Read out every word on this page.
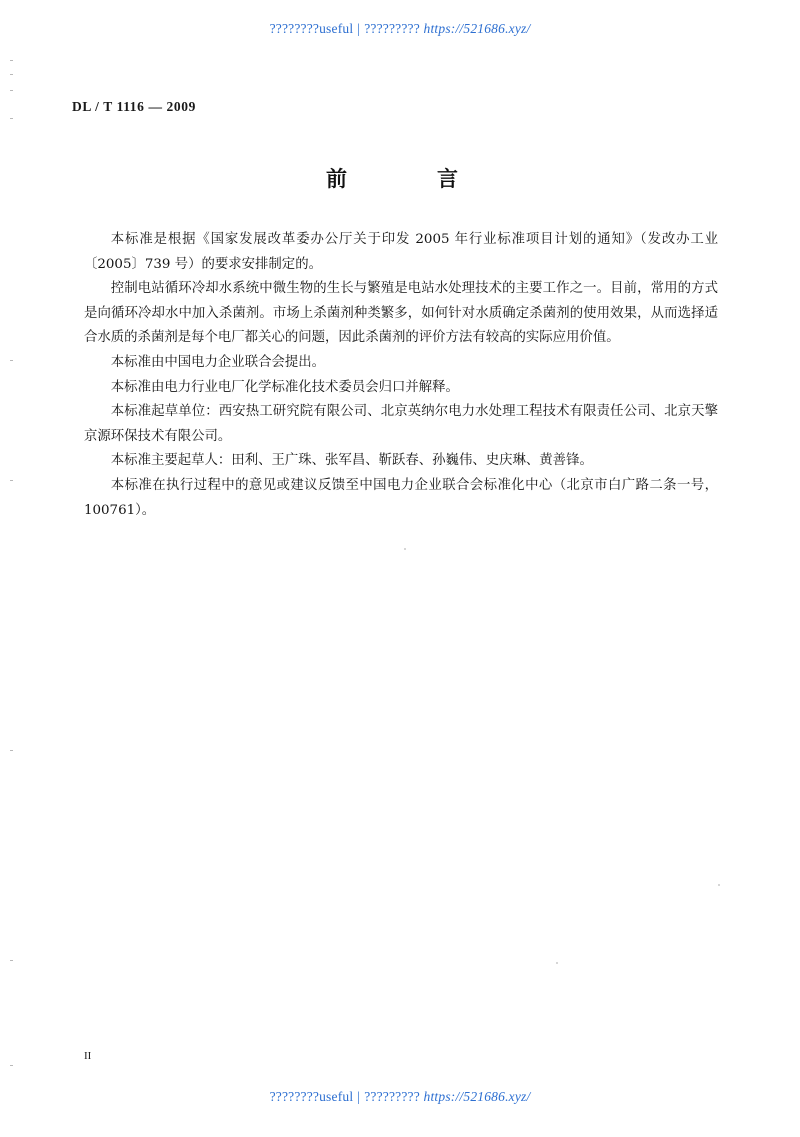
????????useful | ????????? https://521686.xyz/
DL / T 1116 — 2009
前　　言

本标准是根据《国家发展改革委办公厅关于印发 2005 年行业标准项目计划的通知》（发改办工业〔2005〕739 号）的要求安排制定的。

控制电站循环冷却水系统中微生物的生长与繁殖是电站水处理技术的主要工作之一。目前，常用的方式是向循环冷却水中加入杀菌剂。市场上杀菌剂种类繁多，如何针对水质确定杀菌剂的使用效果，从而选择适合水质的杀菌剂是每个电厂都关心的问题，因此杀菌剂的评价方法有较高的实际应用价值。

本标准由中国电力企业联合会提出。

本标准由电力行业电厂化学标准化技术委员会归口并解释。

本标准起草单位：西安热工研究院有限公司、北京英纳尔电力水处理工程技术有限责任公司、北京天擎京源环保技术有限公司。

本标准主要起草人：田利、王广珠、张军昌、靳跃春、孙巍伟、史庆琳、黄善锋。

本标准在执行过程中的意见或建议反馈至中国电力企业联合会标准化中心（北京市白广路二条一号，100761）。

II
????????useful | ????????? https://521686.xyz/
